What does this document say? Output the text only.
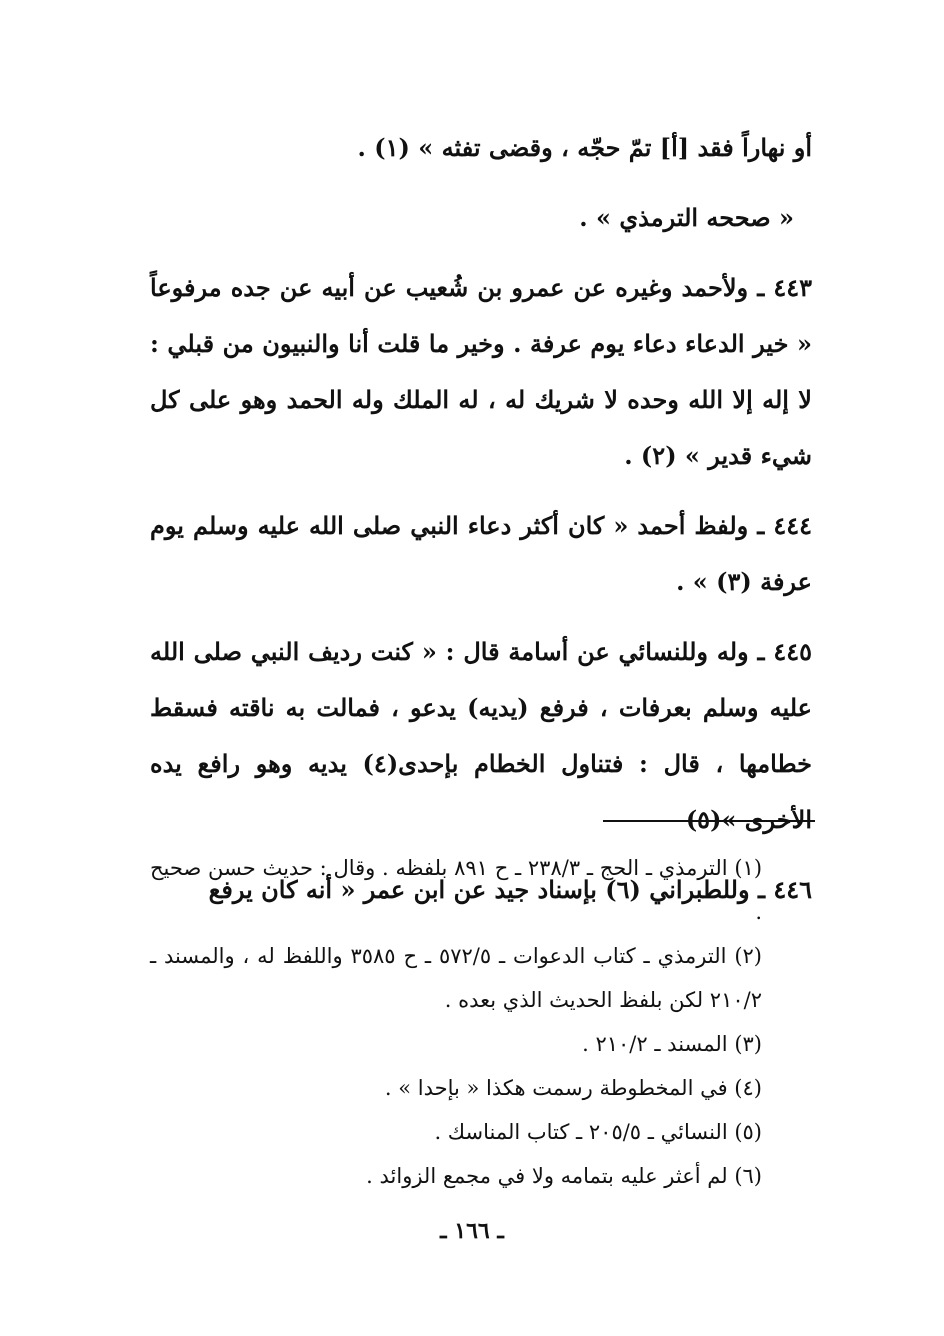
أو نهاراً فقد [أ] تمّ حجّه ، وقضى تفثه » (١) .

« صححه الترمذي » .

٤٤٣ ـ ولأحمد وغيره عن عمرو بن شُعيب عن أبيه عن جده مرفوعاً « خير الدعاء دعاء يوم عرفة . وخير ما قلت أنا والنبيون من قبلي : لا إله إلا الله وحده لا شريك له ، له الملك وله الحمد وهو على كل شيء قدير » (٢) .

٤٤٤ ـ ولفظ أحمد « كان أكثر دعاء النبي صلى الله عليه وسلم يوم عرفة (٣) » .

٤٤٥ ـ وله وللنسائي عن أسامة قال : « كنت رديف النبي صلى الله عليه وسلم بعرفات ، فرفع (يديه) يدعو ، فمالت به ناقته فسقط خطامها ، قال : فتناول الخطام بإحدى(٤) يديه وهو رافع يده الأخرى »(٥)

٤٤٦ ـ وللطبراني (٦) بإسناد جيد عن ابن عمر « أنه كان يرفع

(١) الترمذي ـ الحج ـ ٢٣٨/٣ ـ ح ٨٩١ بلفظه . وقال : حديث حسن صحيح .

(٢) الترمذي ـ كتاب الدعوات ـ ٥٧٢/٥ ـ ح ٣٥٨٥ واللفظ له ، والمسند ـ ٢١٠/٢ لكن بلفظ الحديث الذي بعده .

(٣) المسند ـ ٢١٠/٢ .

(٤) في المخطوطة رسمت هكذا « بإحدا » .

(٥) النسائي ـ ٢٠٥/٥ ـ كتاب المناسك .

(٦) لم أعثر عليه بتمامه ولا في مجمع الزوائد .

ـ ١٦٦ ـ
